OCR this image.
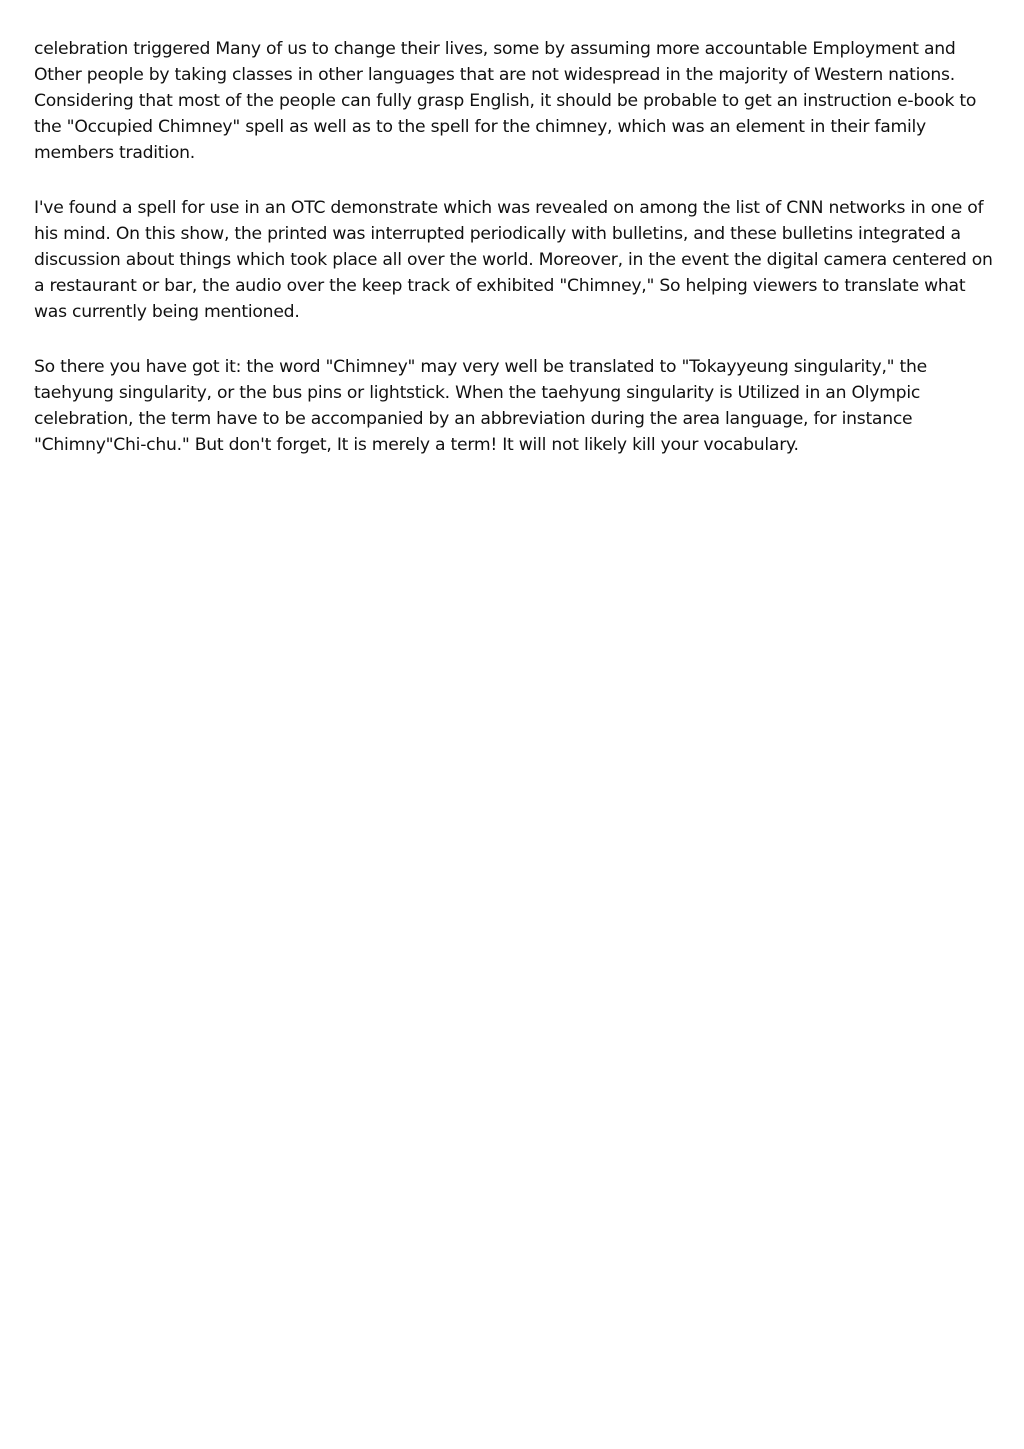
celebration triggered Many of us to change their lives, some by assuming more accountable Employment and Other people by taking classes in other languages that are not widespread in the majority of Western nations. Considering that most of the people can fully grasp English, it should be probable to get an instruction e-book to the "Occupied Chimney" spell as well as to the spell for the chimney, which was an element in their family members tradition.

I've found a spell for use in an OTC demonstrate which was revealed on among the list of CNN networks in one of his mind. On this show, the printed was interrupted periodically with bulletins, and these bulletins integrated a discussion about things which took place all over the world. Moreover, in the event the digital camera centered on a restaurant or bar, the audio over the keep track of exhibited "Chimney," So helping viewers to translate what was currently being mentioned.

So there you have got it: the word "Chimney" may very well be translated to "Tokayyeung singularity," the taehyung singularity, or the bus pins or lightstick. When the taehyung singularity is Utilized in an Olympic celebration, the term have to be accompanied by an abbreviation during the area language, for instance "Chimny"Chi-chu." But don't forget, It is merely a term! It will not likely kill your vocabulary.
